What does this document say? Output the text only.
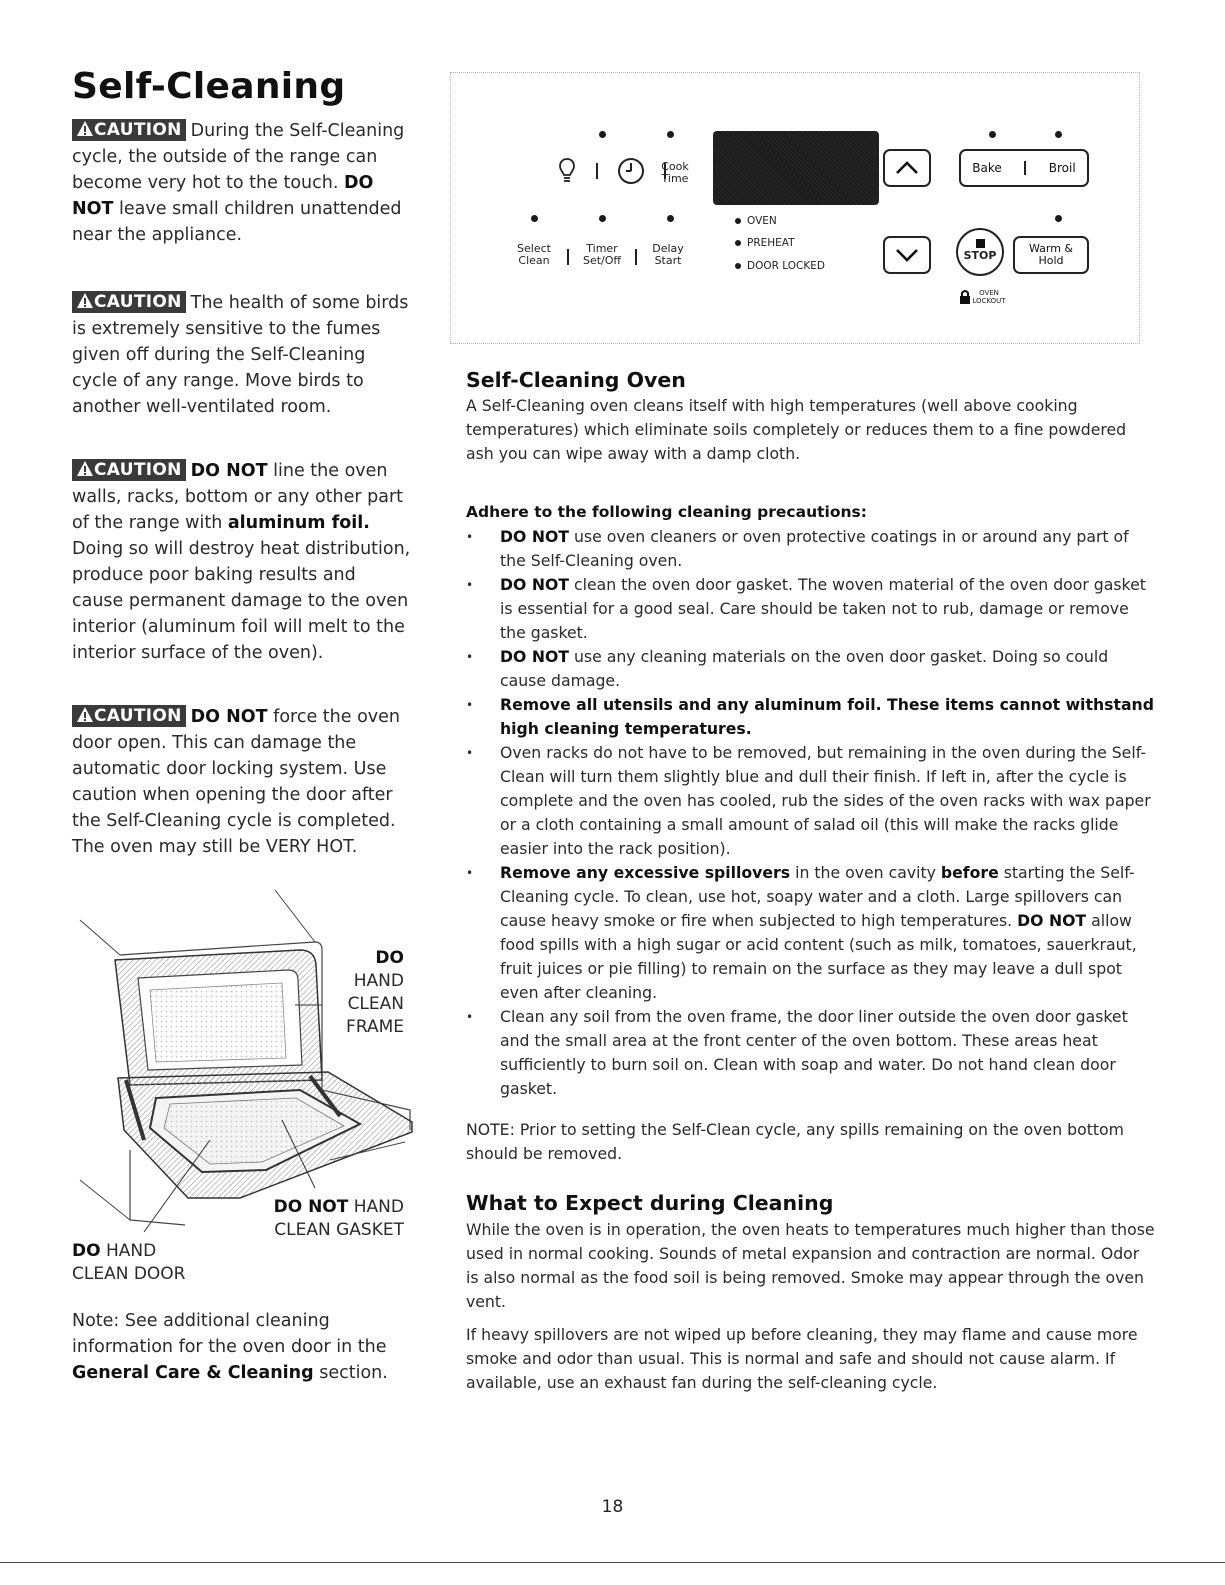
Self-Cleaning
CAUTION During the Self-Cleaning cycle, the outside of the range can become very hot to the touch. DO NOT leave small children unattended near the appliance.
CAUTION The health of some birds is extremely sensitive to the fumes given off during the Self-Cleaning cycle of any range. Move birds to another well-ventilated room.
CAUTION DO NOT line the oven walls, racks, bottom or any other part of the range with aluminum foil. Doing so will destroy heat distribution, produce poor baking results and cause permanent damage to the oven interior (aluminum foil will melt to the interior surface of the oven).
CAUTION DO NOT force the oven door open. This can damage the automatic door locking system. Use caution when opening the door after the Self-Cleaning cycle is completed. The oven may still be VERY HOT.
DO HAND
CLEAN
FRAME
DO NOT HAND
CLEAN GASKET
DO HAND
CLEAN DOOR
Note: See additional cleaning information for the oven door in the General Care & Cleaning section.
Cook
Time
Bake	Broil
Select
Clean
Timer
Set/Off
Delay
Start
OVEN
PREHEAT
DOOR LOCKED
STOP
Warm &
Hold
OVEN
LOCKOUT
Self-Cleaning Oven

A Self-Cleaning oven cleans itself with high temperatures (well above cooking temperatures) which eliminate soils completely or reduces them to a fine powdered ash you can wipe away with a damp cloth.

Adhere to the following cleaning precautions:

• DO NOT use oven cleaners or oven protective coatings in or around any part of the Self-Cleaning oven.
• DO NOT clean the oven door gasket. The woven material of the oven door gasket is essential for a good seal. Care should be taken not to rub, damage or remove the gasket.
• DO NOT use any cleaning materials on the oven door gasket. Doing so could cause damage.
• Remove all utensils and any aluminum foil. These items cannot withstand high cleaning temperatures.
• Oven racks do not have to be removed, but remaining in the oven during the Self-Clean will turn them slightly blue and dull their finish. If left in, after the cycle is complete and the oven has cooled, rub the sides of the oven racks with wax paper or a cloth containing a small amount of salad oil (this will make the racks glide easier into the rack position).
• Remove any excessive spillovers in the oven cavity before starting the Self-Cleaning cycle. To clean, use hot, soapy water and a cloth. Large spillovers can cause heavy smoke or fire when subjected to high temperatures. DO NOT allow food spills with a high sugar or acid content (such as milk, tomatoes, sauerkraut, fruit juices or pie filling) to remain on the surface as they may leave a dull spot even after cleaning.
• Clean any soil from the oven frame, the door liner outside the oven door gasket and the small area at the front center of the oven bottom. These areas heat sufficiently to burn soil on. Clean with soap and water. Do not hand clean door gasket.

NOTE: Prior to setting the Self-Clean cycle, any spills remaining on the oven bottom should be removed.

What to Expect during Cleaning

While the oven is in operation, the oven heats to temperatures much higher than those used in normal cooking. Sounds of metal expansion and contraction are normal. Odor is also normal as the food soil is being removed. Smoke may appear through the oven vent.

If heavy spillovers are not wiped up before cleaning, they may flame and cause more smoke and odor than usual. This is normal and safe and should not cause alarm. If available, use an exhaust fan during the self-cleaning cycle.

18
